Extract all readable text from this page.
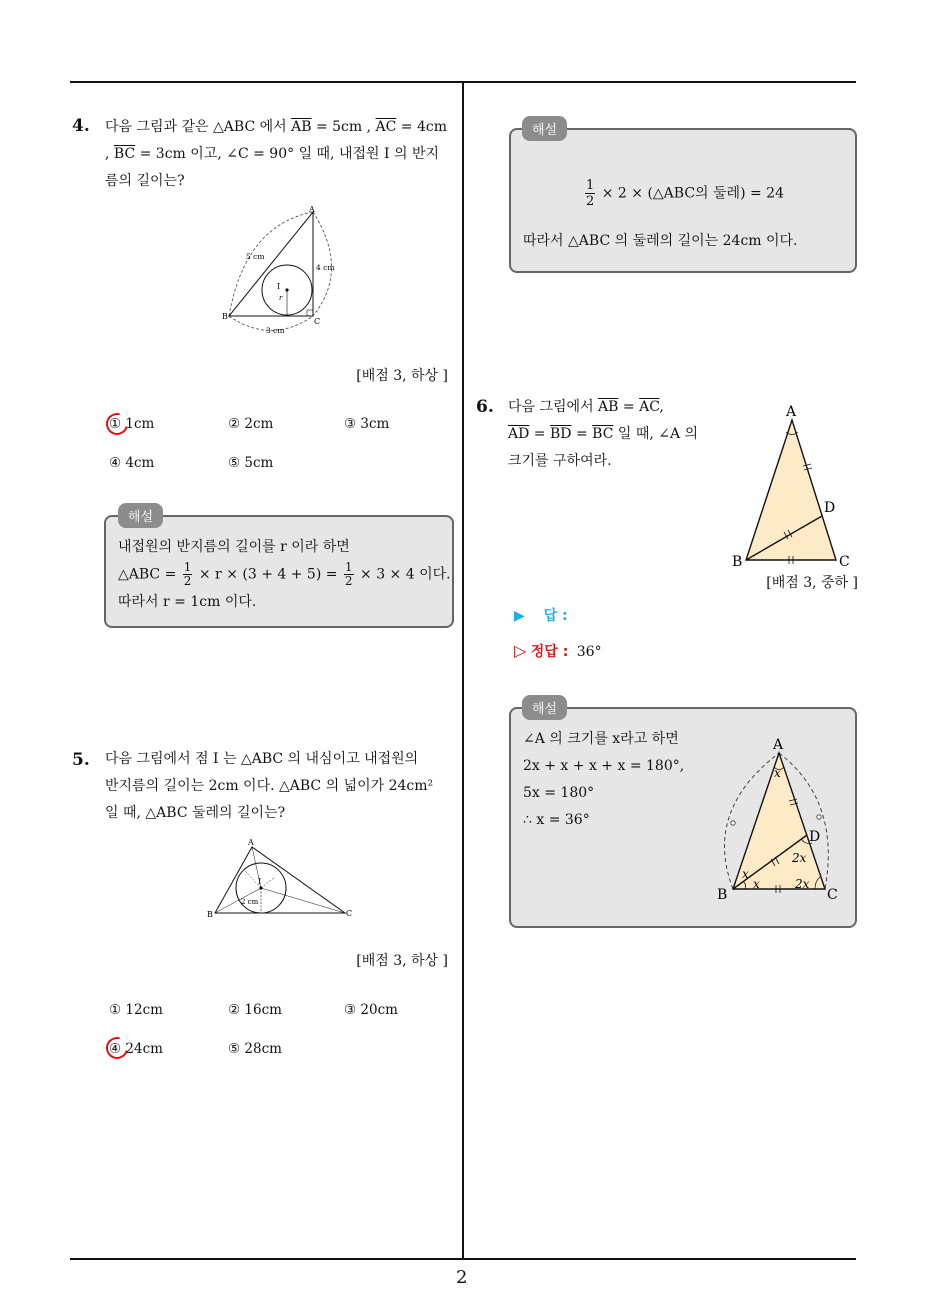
2
4. 다음 그림과 같은 △ABC 에서 $\overline{AB} = 5cm$ , $\overline{AC} = 4cm$
, $\overline{BC} = 3cm$ 이고, ∠C = 90° 일 때, 내접원 I 의 반지
름의 길이는?
A
B
C
I
r
5 cm
4 cm
3 cm
[배점 3, 하상 ]
① 1cm	② 2cm	③ 3cm
④ 4cm	⑤ 5cm
내접원의 반지름의 길이를 r 이라 하면
△ABC = $\frac{1}{2} \times r \times (3 + 4 + 5) = \frac{1}{2} \times 3 \times 4$ 이다.
따라서 r = 1cm 이다.
해설
5. 다음 그림에서 점 I 는 △ABC 의 내심이고 내접원의
반지름의 길이는 2cm 이다. △ABC 의 넓이가 24cm²
일 때, △ABC 둘레의 길이는?
A
B	C
I
2 cm
[배점 3, 하상 ]
① 12cm	② 16cm	③ 20cm
④ 24cm	⑤ 28cm
$\frac{1}{2} \times 2$ × (△ABC의 둘레) = 24
따라서 △ABC 의 둘레의 길이는 24cm 이다.
해설
6. 다음 그림에서 $\overline{AB} = \overline{AC}$,
$\overline{AD} = \overline{BD} = \overline{BC}$ 일 때, ∠A 의
크기를 구하여라.
A
B	C
D
[배점 3, 중하 ]
▶ 답 :
▷ 정답 : 36°
∠A 의 크기를 x라고 하면
2x + x + x + x = 180°,
5x = 180°
∴ x = 36°
A
B	C
D
x
x
x
2x
2x
해설
